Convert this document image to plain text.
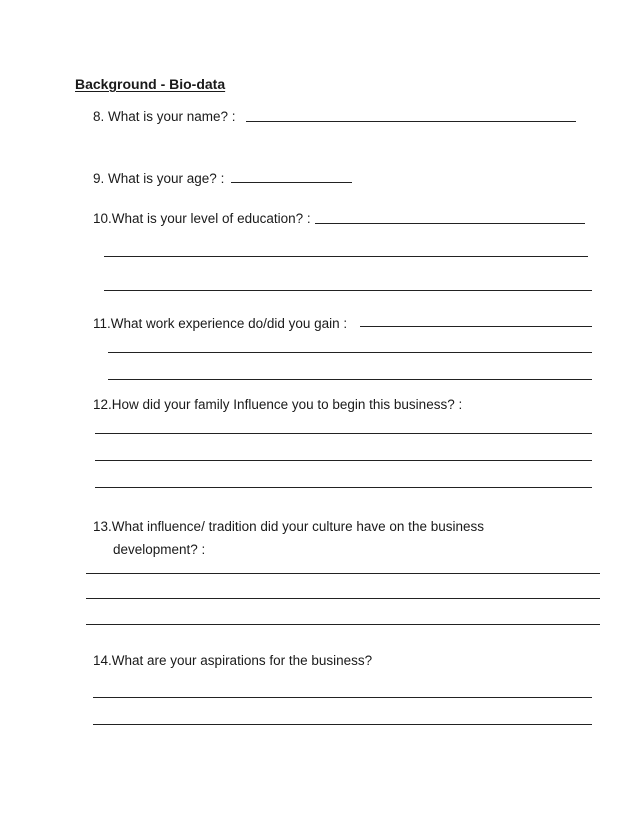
Background - Bio-data
8. What is your name? :
9. What is your age? :
10.What is your level of education? :
11.What work experience do/did you gain :
12.How did your family Influence you to begin this business? :
13.What influence/ tradition did your culture have on the business
development? :
14.What are your aspirations for the business?
